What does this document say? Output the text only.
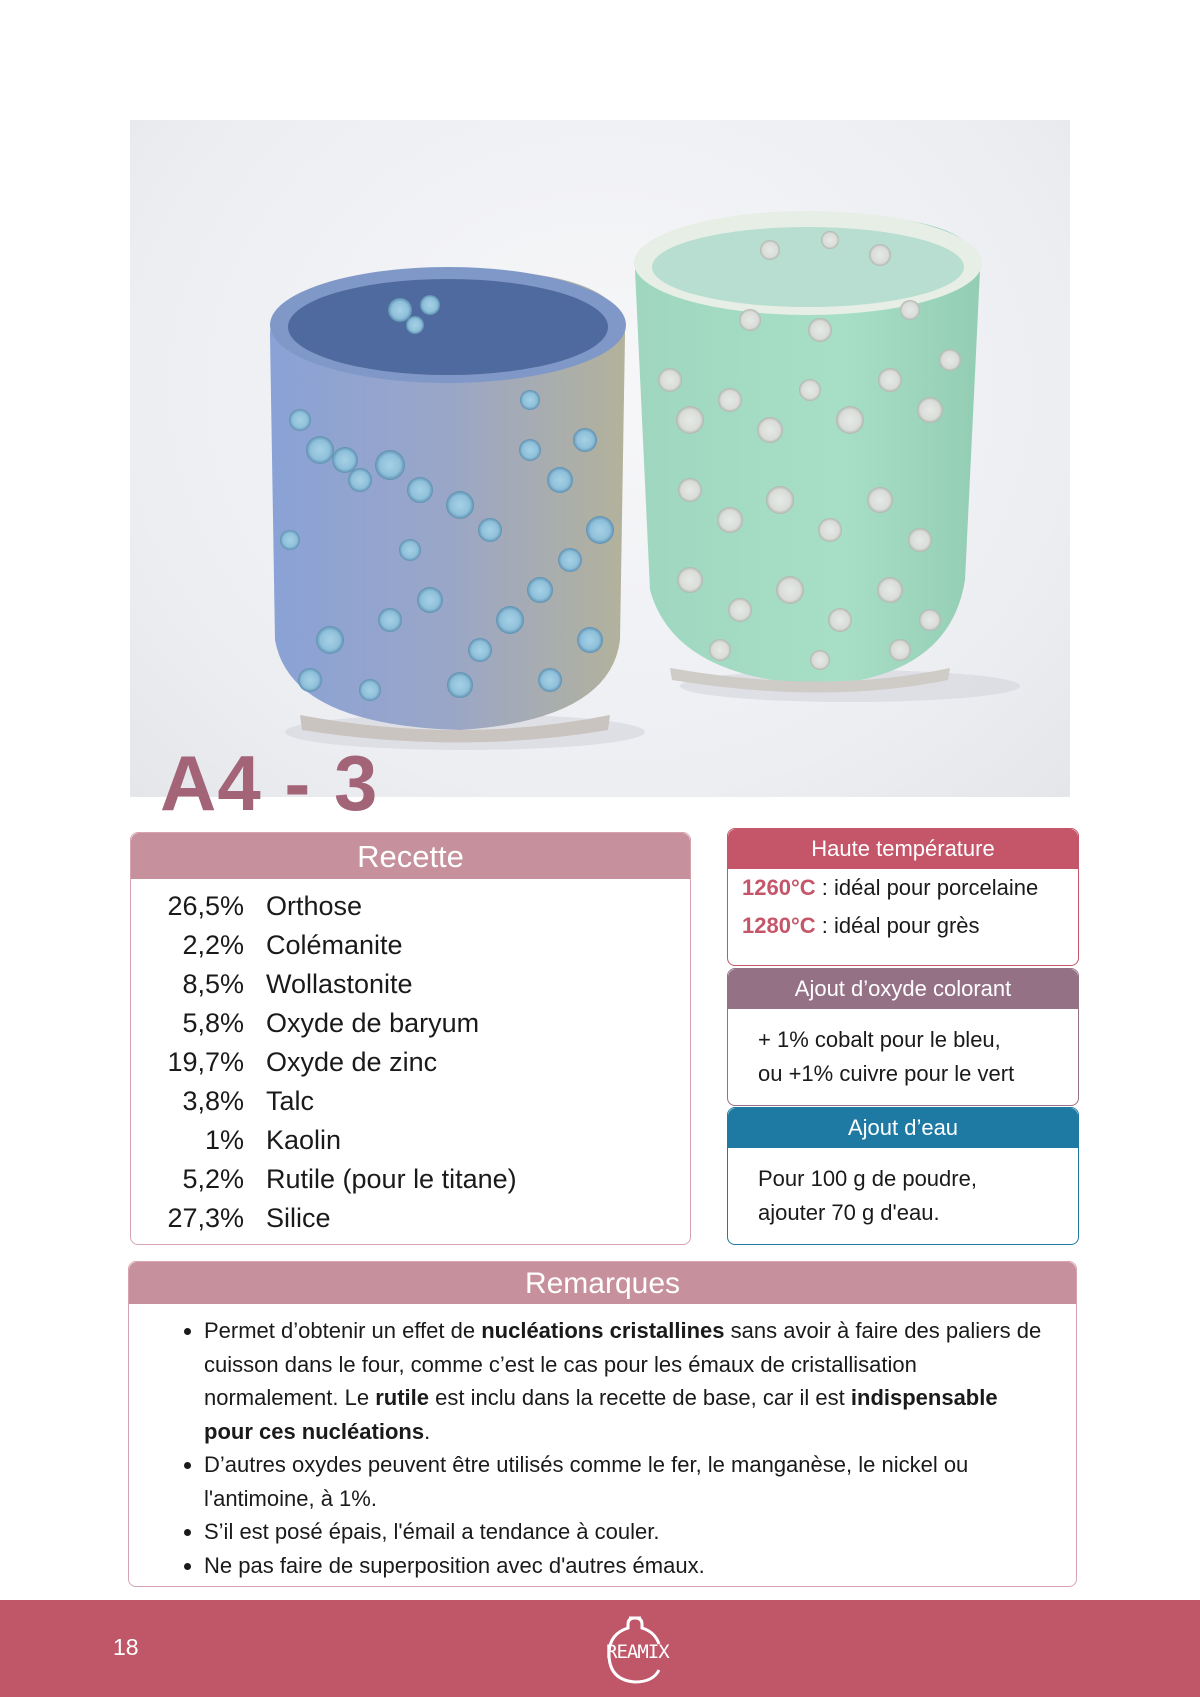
A4 - 3
Recette
26,5% Orthose
2,2% Colémanite
8,5% Wollastonite
5,8% Oxyde de baryum
19,7% Oxyde de zinc
3,8% Talc
1% Kaolin
5,2% Rutile (pour le titane)
27,3% Silice
Haute température
1260°C : idéal pour porcelaine
1280°C : idéal pour grès
Ajout d’oxyde colorant
+ 1% cobalt pour le bleu,
ou +1% cuivre pour le vert
Ajout d’eau
Pour 100 g de poudre,
ajouter 70 g d'eau.
Remarques
• Permet d’obtenir un effet de nucléations cristallines sans avoir à faire des paliers de cuisson dans le four, comme c’est le cas pour les émaux de cristallisation normalement. Le rutile est inclu dans la recette de base, car il est indispensable pour ces nucléations.
• D’autres oxydes peuvent être utilisés comme le fer, le manganèse, le nickel ou l'antimoine, à 1%.
• S’il est posé épais, l'émail a tendance à couler.
• Ne pas faire de superposition avec d'autres émaux.
18	REAMIX
